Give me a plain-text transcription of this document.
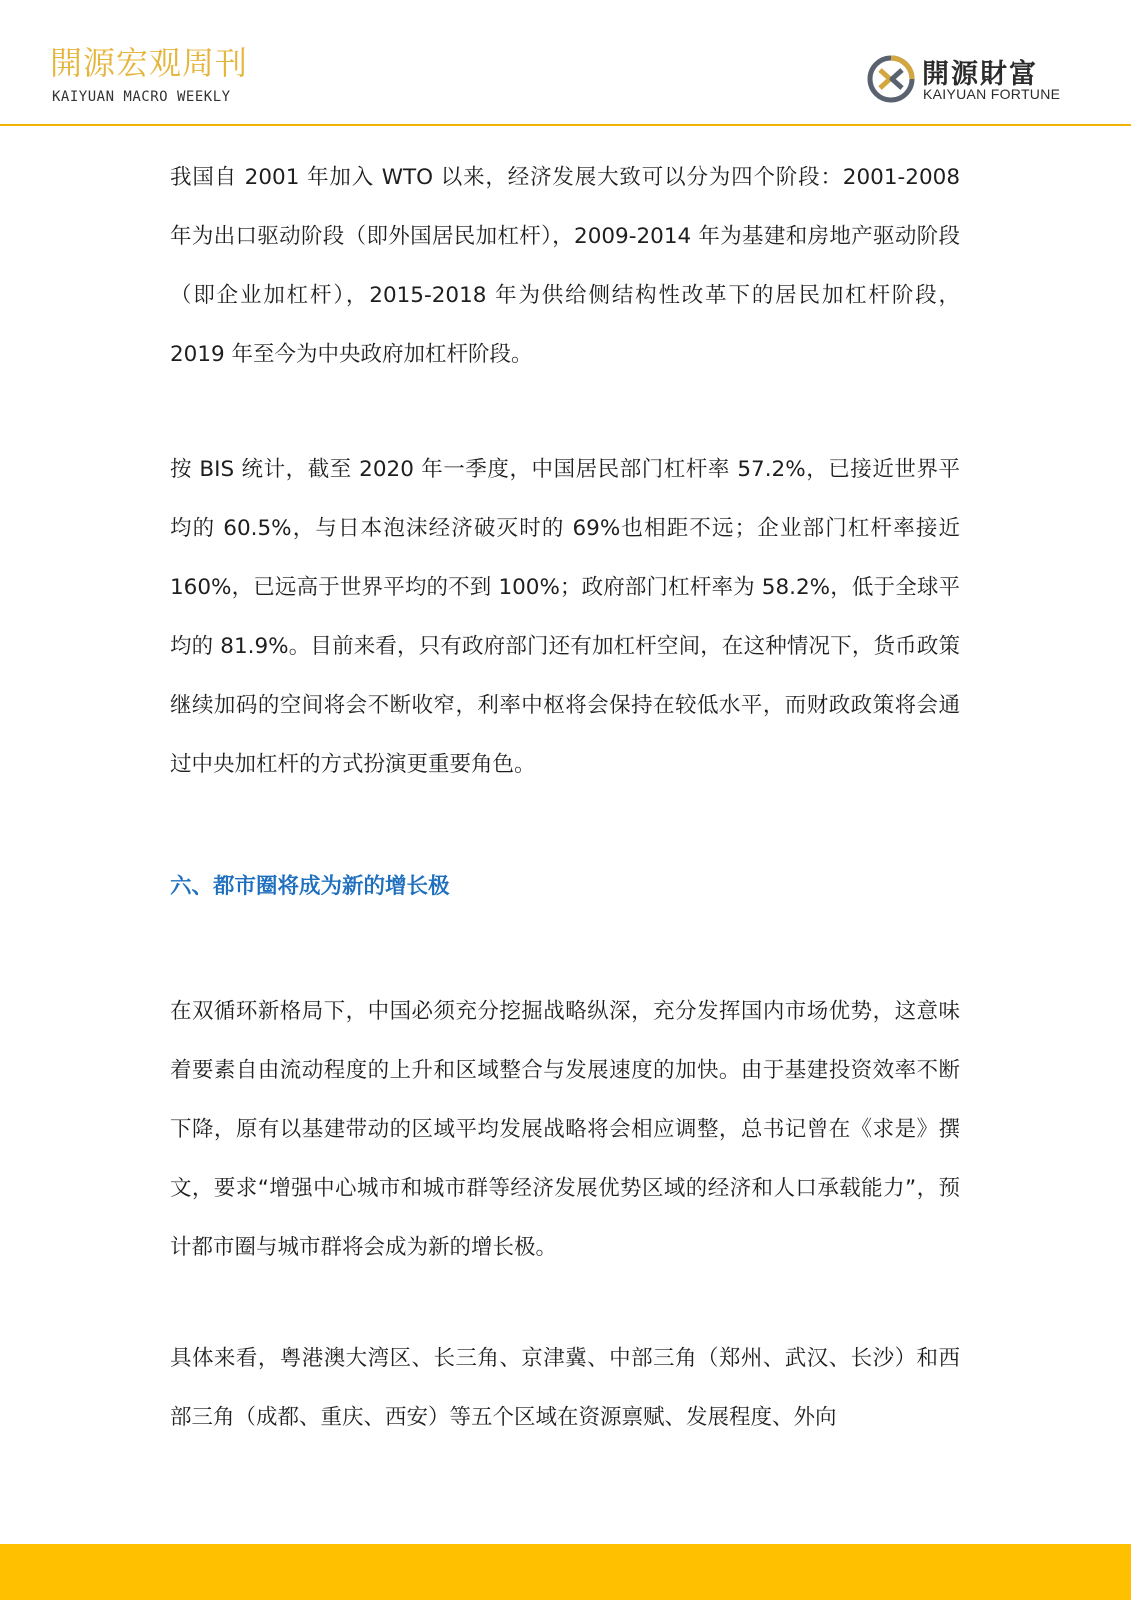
開源宏观周刊
KAIYUAN MACRO WEEKLY
開源財富
KAIYUAN FORTUNE

我国自 2001 年加入 WTO 以来，经济发展大致可以分为四个阶段：2001-2008 年为出口驱动阶段（即外国居民加杠杆），2009-2014 年为基建和房地产驱动阶段（即企业加杠杆），2015-2018 年为供给侧结构性改革下的居民加杠杆阶段，2019 年至今为中央政府加杠杆阶段。

按 BIS 统计，截至 2020 年一季度，中国居民部门杠杆率 57.2%，已接近世界平均的 60.5%，与日本泡沫经济破灭时的 69%也相距不远；企业部门杠杆率接近 160%，已远高于世界平均的不到 100%；政府部门杠杆率为 58.2%，低于全球平均的 81.9%。目前来看，只有政府部门还有加杠杆空间，在这种情况下，货币政策继续加码的空间将会不断收窄，利率中枢将会保持在较低水平，而财政政策将会通过中央加杠杆的方式扮演更重要角色。

六、都市圈将成为新的增长极

在双循环新格局下，中国必须充分挖掘战略纵深，充分发挥国内市场优势，这意味着要素自由流动程度的上升和区域整合与发展速度的加快。由于基建投资效率不断下降，原有以基建带动的区域平均发展战略将会相应调整，总书记曾在《求是》撰文，要求“增强中心城市和城市群等经济发展优势区域的经济和人口承载能力”，预计都市圈与城市群将会成为新的增长极。

具体来看，粤港澳大湾区、长三角、京津冀、中部三角（郑州、武汉、长沙）和西部三角（成都、重庆、西安）等五个区域在资源禀赋、发展程度、外向
